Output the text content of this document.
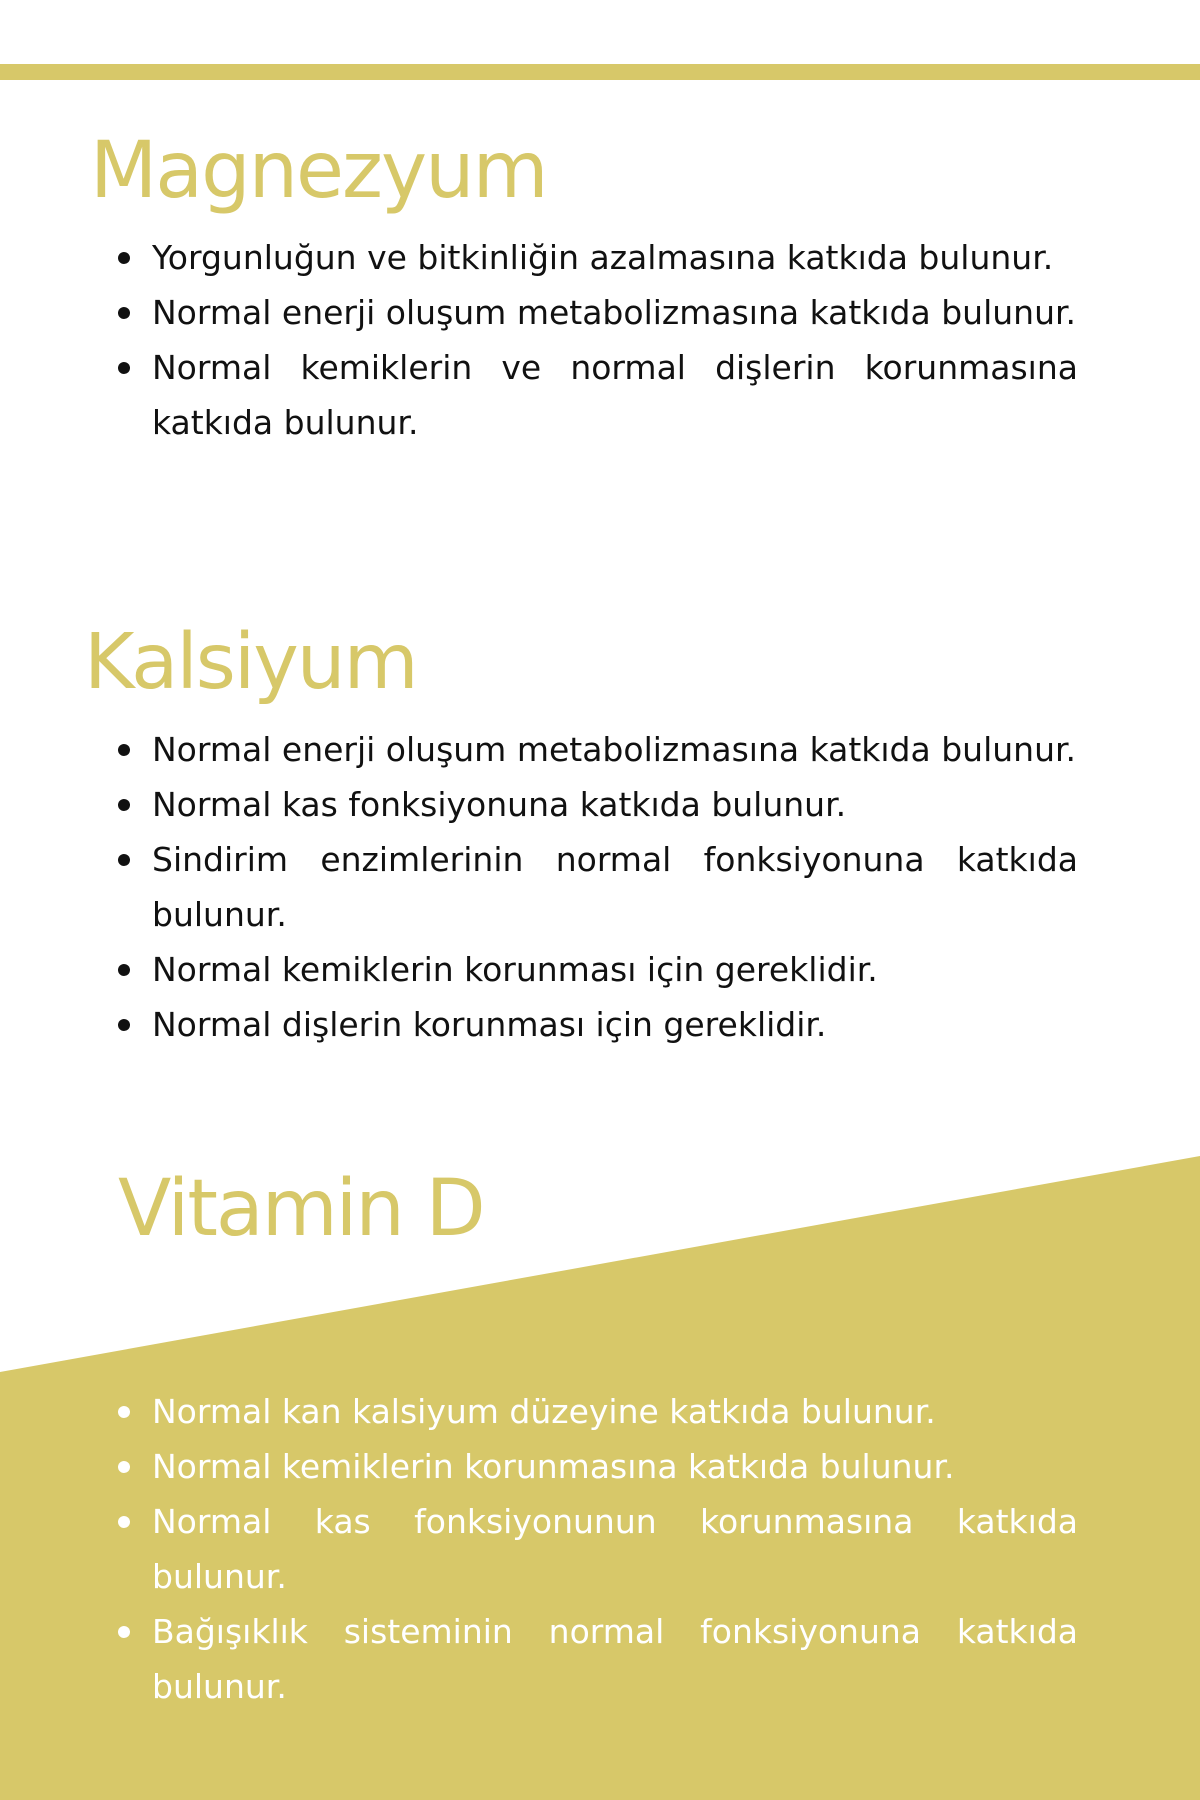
Magnezyum
Yorgunluğun ve bitkinliğin azalmasına katkıda bulunur.
Normal enerji oluşum metabolizmasına katkıda bulunur.
Normal kemiklerin ve normal dişlerin korunmasına katkıda bulunur.
Kalsiyum
Normal enerji oluşum metabolizmasına katkıda bulunur.
Normal kas fonksiyonuna katkıda bulunur.
Sindirim enzimlerinin normal fonksiyonuna katkıda bulunur.
Normal kemiklerin korunması için gereklidir.
Normal dişlerin korunması için gereklidir.
Vitamin D
Normal kan kalsiyum düzeyine katkıda bulunur.
Normal kemiklerin korunmasına katkıda bulunur.
Normal kas fonksiyonunun korunmasına katkıda bulunur.
Bağışıklık sisteminin normal fonksiyonuna katkıda bulunur.
